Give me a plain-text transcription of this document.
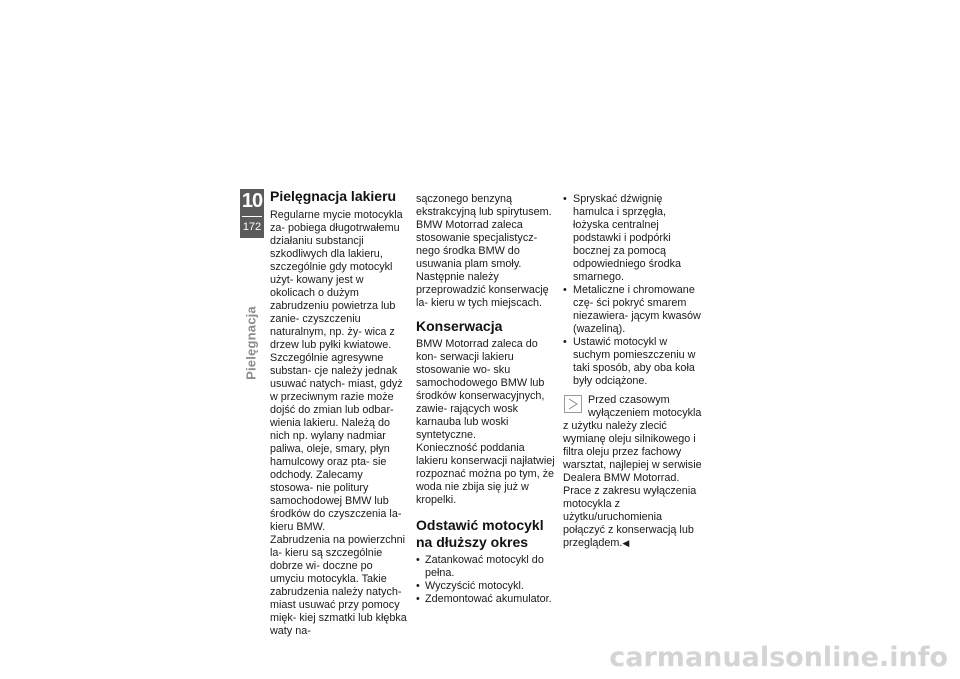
10
172
Pielęgnacja
Pielęgnacja lakieru

Regularne mycie motocykla za- pobiega długotrwałemu działaniu substancji szkodliwych dla lakieru, szczególnie gdy motocykl użyt- kowany jest w okolicach o dużym zabrudzeniu powietrza lub zanie- czyszczeniu naturalnym, np. ży- wica z drzew lub pyłki kwiatowe.

Szczególnie agresywne substan- cje należy jednak usuwać natych- miast, gdyż w przeciwnym razie może dojść do zmian lub odbar- wienia lakieru. Należą do nich np. wylany nadmiar paliwa, oleje, smary, płyn hamulcowy oraz pta- sie odchody. Zalecamy stosowa- nie politury samochodowej BMW lub środków do czyszczenia la- kieru BMW.

Zabrudzenia na powierzchni la- kieru są szczególnie dobrze wi- doczne po umyciu motocykla. Takie zabrudzenia należy natych- miast usuwać przy pomocy mięk- kiej szmatki lub kłębka waty na-

sączonego benzyną ekstrakcyjną lub spirytusem. BMW Motorrad zaleca stosowanie specjalistycz- nego środka BMW do usuwania plam smoły. Następnie należy przeprowadzić konserwację la- kieru w tych miejscach.

Konserwacja

BMW Motorrad zaleca do kon- serwacji lakieru stosowanie wo- sku samochodowego BMW lub środków konserwacyjnych, zawie- rających wosk karnauba lub woski syntetyczne.

Konieczność poddania lakieru konserwacji najłatwiej rozpoznać można po tym, że woda nie zbija się już w kropelki.

Odstawić motocykl na dłuższy okres
• Zatankować motocykl do pełna.
• Wyczyścić motocykl.
• Zdemontować akumulator.
• Spryskać dźwignię hamulca i sprzęgła, łożyska centralnej podstawki i podpórki bocznej za pomocą odpowiedniego środka smarnego.
• Metaliczne i chromowane czę- ści pokryć smarem niezawiera- jącym kwasów (wazeliną).
• Ustawić motocykl w suchym pomieszczeniu w taki sposób, aby oba koła były odciążone.
Przed czasowym wyłączeniem motocykla z użytku należy zlecić wymianę oleju silnikowego i filtra oleju przez fachowy warsztat, najlepiej w serwisie Dealera BMW Motorrad. Prace z zakresu wyłączenia motocykla z użytku/uruchomienia połączyć z konserwacją lub przeglądem.◀
carmanualsonline.info
